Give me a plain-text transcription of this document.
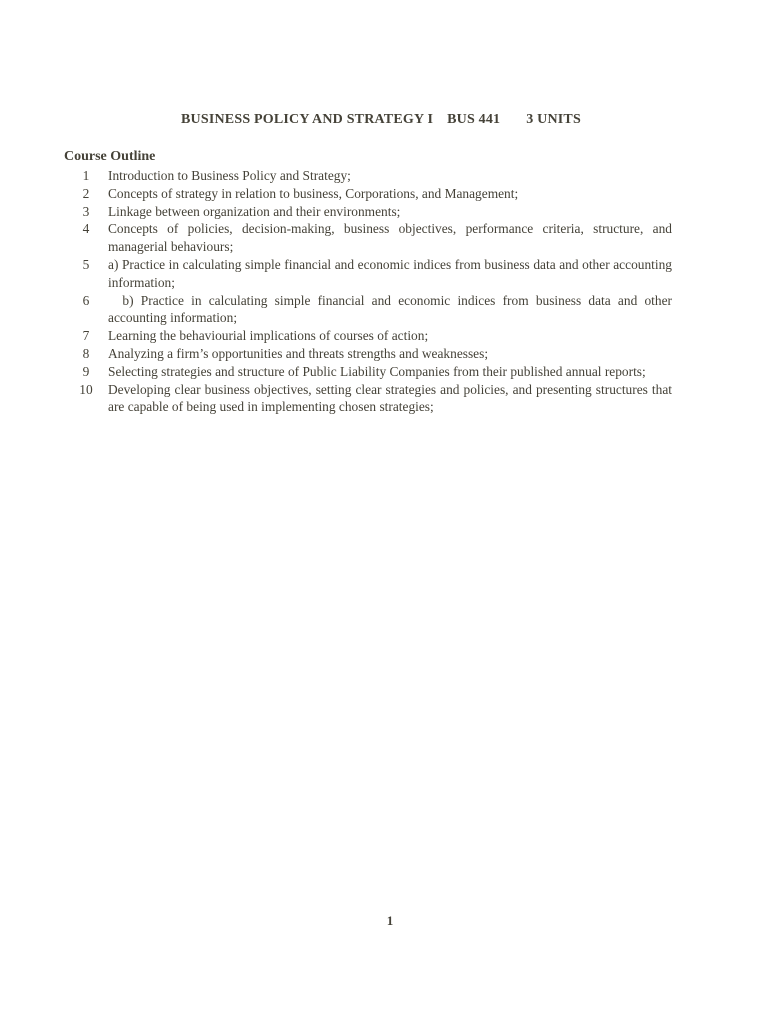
BUSINESS POLICY AND STRATEGY I BUS 441 3 UNITS
Course Outline
1	Introduction to Business Policy and Strategy;
2	Concepts of strategy in relation to business, Corporations, and Management;
3	Linkage between organization and their environments;
4	Concepts of policies, decision-making, business objectives, performance criteria, structure, and managerial behaviours;
5	a) Practice in calculating simple financial and economic indices from business data and other accounting information;
6	b) Practice in calculating simple financial and economic indices from business data and other accounting information;
7	Learning the behaviourial implications of courses of action;
8	Analyzing a firm’s opportunities and threats strengths and weaknesses;
9	Selecting strategies and structure of Public Liability Companies from their published annual reports;
10	Developing clear business objectives, setting clear strategies and policies, and presenting structures that are capable of being used in implementing chosen strategies;
1
